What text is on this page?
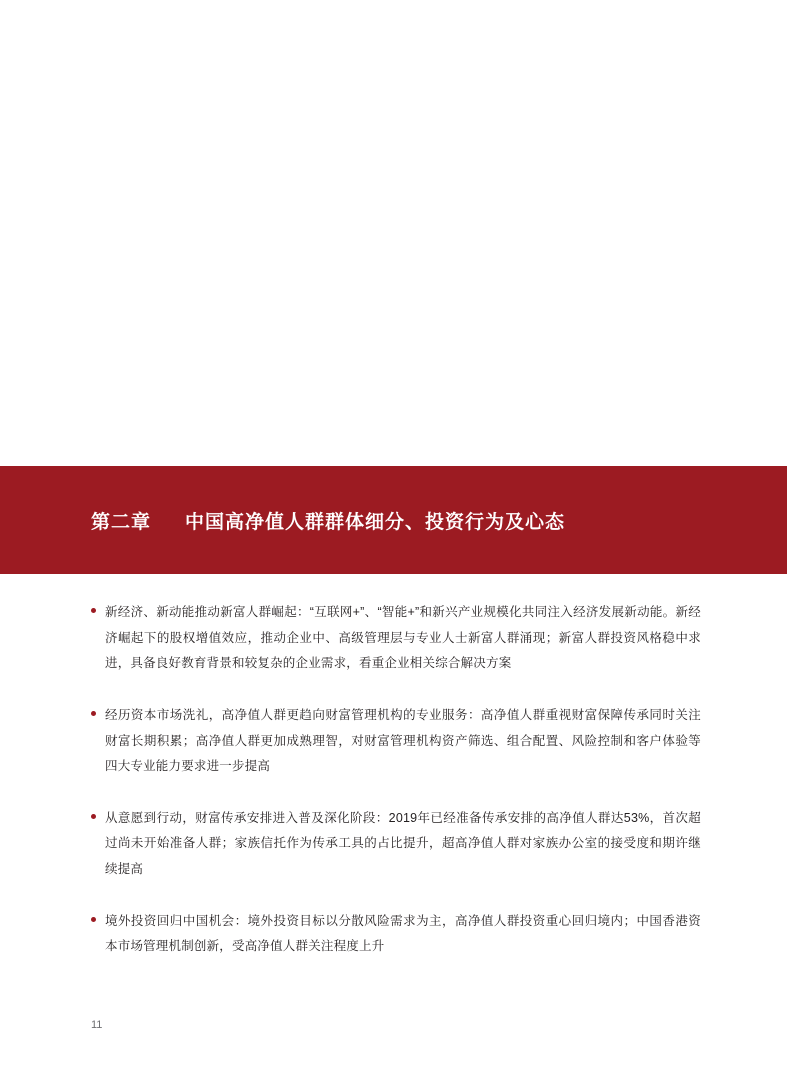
第二章 中国高净值人群群体细分、投资行为及心态
新经济、新动能推动新富人群崛起：“互联网+”、“智能+”和新兴产业规模化共同注入经济发展新动能。新经济崛起下的股权增值效应，推动企业中、高级管理层与专业人士新富人群涌现；新富人群投资风格稳中求进，具备良好教育背景和较复杂的企业需求，看重企业相关综合解决方案
经历资本市场洗礼，高净值人群更趋向财富管理机构的专业服务：高净值人群重视财富保障传承同时关注财富长期积累；高净值人群更加成熟理智，对财富管理机构资产筛选、组合配置、风险控制和客户体验等四大专业能力要求进一步提高
从意愿到行动，财富传承安排进入普及深化阶段：2019年已经准备传承安排的高净值人群达53%，首次超过尚未开始准备人群；家族信托作为传承工具的占比提升，超高净值人群对家族办公室的接受度和期许继续提高
境外投资回归中国机会：境外投资目标以分散风险需求为主，高净值人群投资重心回归境内；中国香港资本市场管理机制创新，受高净值人群关注程度上升
11
